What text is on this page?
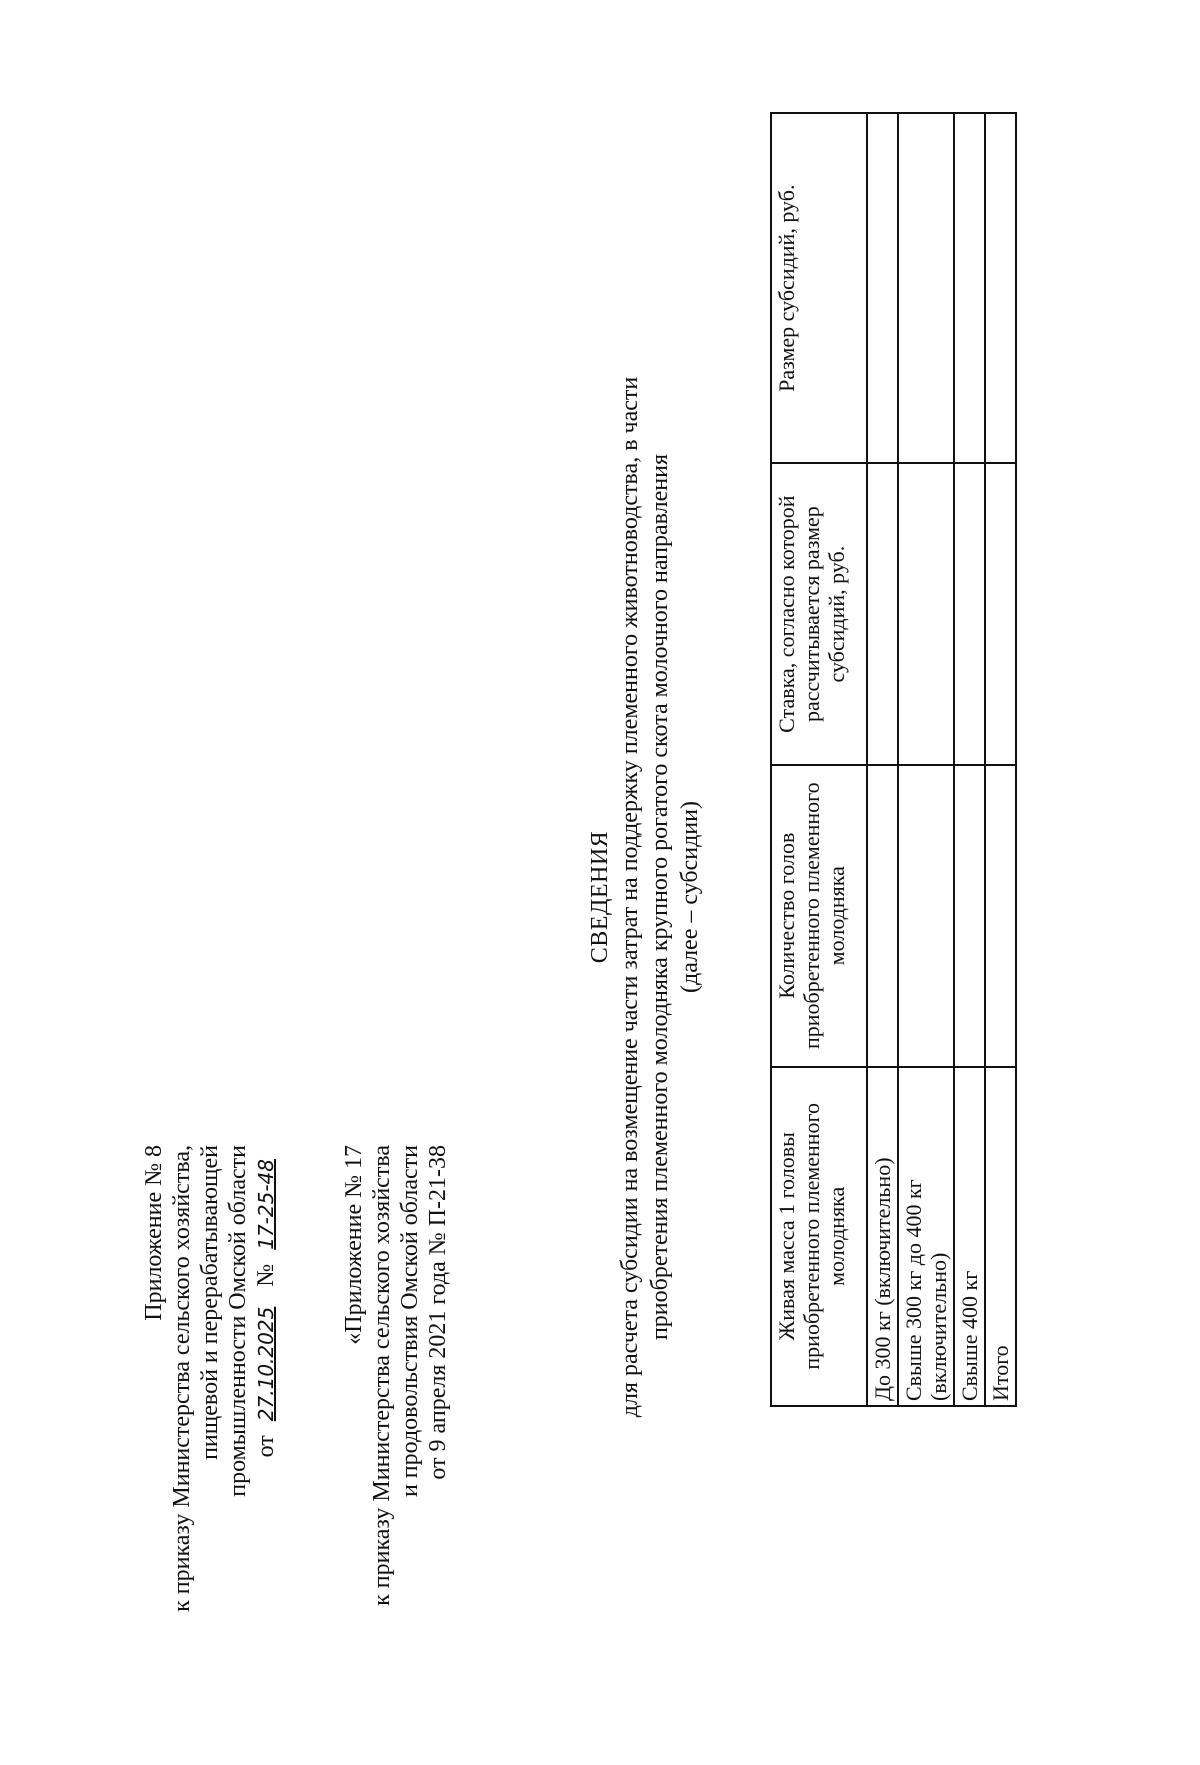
Приложение № 8 к приказу Министерства сельского хозяйства, пищевой и перерабатывающей промышленности Омской области от27.10.2025 №17-25-48	«Приложение № 17 к приказу Министерства сельского хозяйства и продовольствия Омской области от 9 апреля 2021 года № П-21-38
СВЕДЕНИЯ для расчета субсидии на возмещение части затрат на поддержку племенного животноводства, в части приобретения племенного молодняка крупного рогатого скота молочного направления (далее – субсидии)
Живая масса 1 головы приобретенного племенного молодняка	Количество голов приобретенного племенного молодняка	Ставка, согласно которой рассчитывается размер субсидий, руб.	Размер субсидий, руб.
До 300 кг (включительно)			
Свыше 300 кг до 400 кг (включительно)			
Свыше 400 кг			
Итого			
